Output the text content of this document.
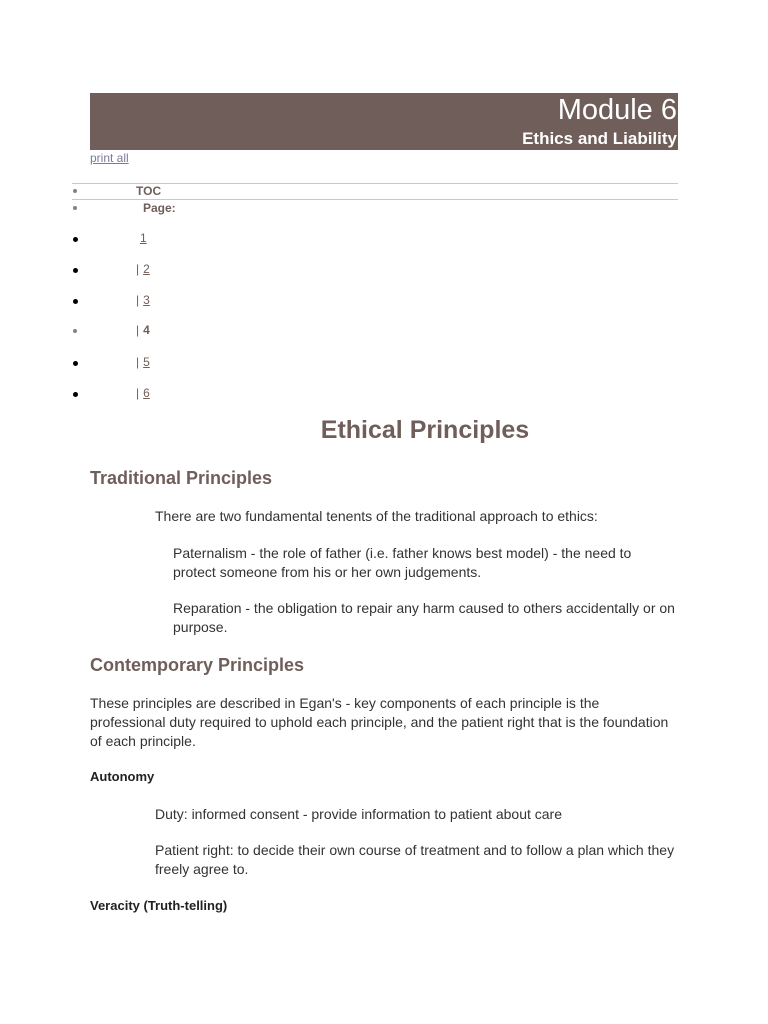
Module 6
Ethics and Liability
print all
TOC
Page:
1
| 2
| 3
| 4
| 5
| 6
Ethical Principles
Traditional Principles

There are two fundamental tenents of the traditional approach to ethics:

Paternalism - the role of father (i.e. father knows best model) - the need to protect someone from his or her own judgements.

Reparation - the obligation to repair any harm caused to others accidentally or on purpose.

Contemporary Principles

These principles are described in Egan's - key components of each principle is the professional duty required to uphold each principle, and the patient right that is the foundation of each principle.

Autonomy

Duty: informed consent - provide information to patient about care

Patient right: to decide their own course of treatment and to follow a plan which they freely agree to.

Veracity (Truth-telling)
